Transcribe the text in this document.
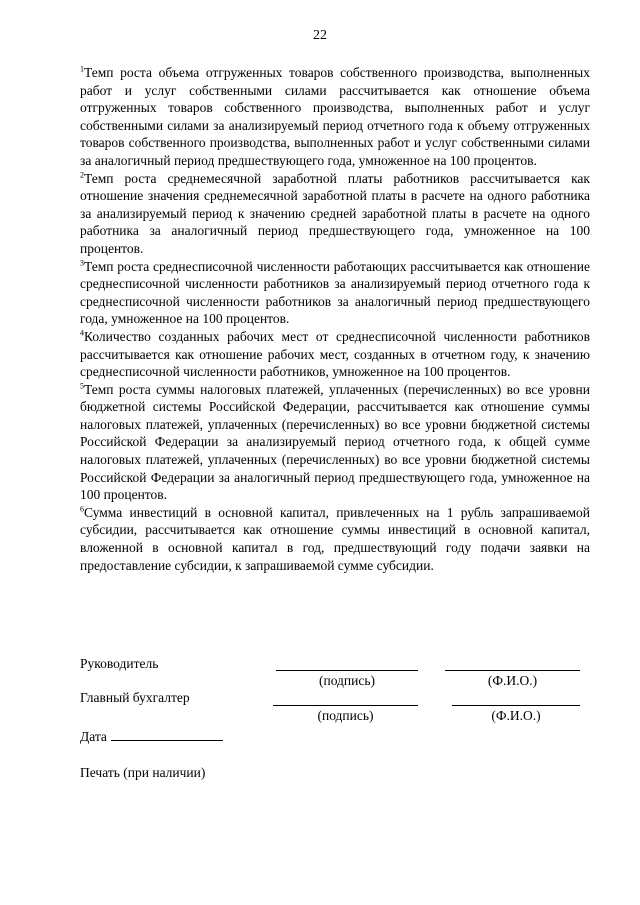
22

$^1$Темп роста объема отгруженных товаров собственного производства, выполненных работ и услуг собственными силами рассчитывается как отношение объема отгруженных товаров собственного производства, выполненных работ и услуг собственными силами за анализируемый период отчетного года к объему отгруженных товаров собственного производства, выполненных работ и услуг собственными силами за аналогичный период предшествующего года, умноженное на 100 процентов.

$^2$Темп роста среднемесячной заработной платы работников рассчитывается как отношение значения среднемесячной заработной платы в расчете на одного работника за анализируемый период к значению средней заработной платы в расчете на одного работника за аналогичный период предшествующего года, умноженное на 100 процентов.

$^3$Темп роста среднесписочной численности работающих рассчитывается как отношение среднесписочной численности работников за анализируемый период отчетного года к среднесписочной численности работников за аналогичный период предшествующего года, умноженное на 100 процентов.

$^4$Количество созданных рабочих мест от среднесписочной численности работников рассчитывается как отношение рабочих мест, созданных в отчетном году, к значению среднесписочной численности работников, умноженное на 100 процентов.

$^5$Темп роста суммы налоговых платежей, уплаченных (перечисленных) во все уровни бюджетной системы Российской Федерации, рассчитывается как отношение суммы налоговых платежей, уплаченных (перечисленных) во все уровни бюджетной системы Российской Федерации за анализируемый период отчетного года, к общей сумме налоговых платежей, уплаченных (перечисленных) во все уровни бюджетной системы Российской Федерации за аналогичный период предшествующего года, умноженное на 100 процентов.

$^6$Сумма инвестиций в основной капитал, привлеченных на 1 рубль запрашиваемой субсидии, рассчитывается как отношение суммы инвестиций в основной капитал, вложенной в основной капитал в год, предшествующий году подачи заявки на предоставление субсидии, к запрашиваемой сумме субсидии.

Руководитель
(подпись)	(Ф.И.О.)
Главный бухгалтер
(подпись)	(Ф.И.О.)
Дата
Печать (при наличии)
